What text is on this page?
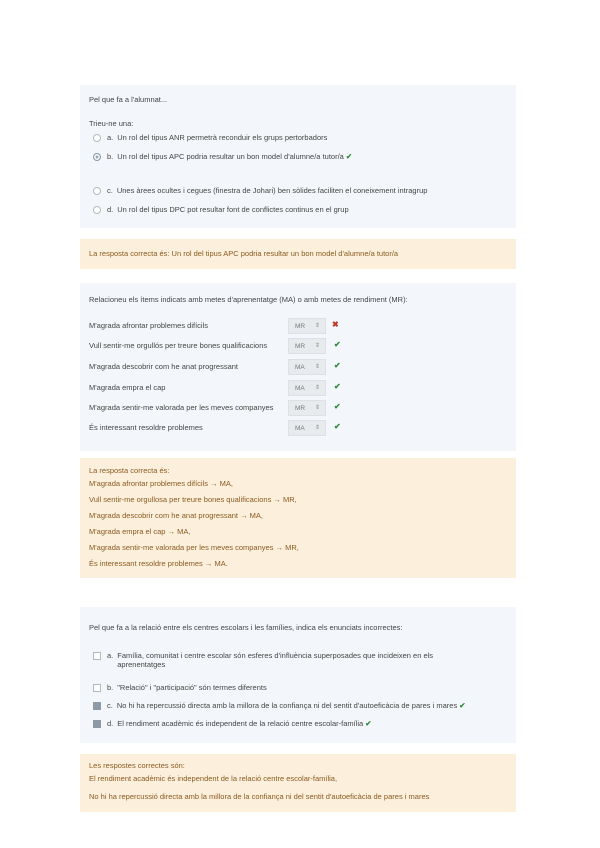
Pel que fa a l'alumnat...
Trieu-ne una:
a. Un rol del tipus ANR permetrà reconduir els grups pertorbadors
b. Un rol del tipus APC podria resultar un bon model d'alumne/a tutor/a ✔
c. Unes àrees ocultes i cegues (finestra de Johari) ben sòlides faciliten el coneixement intragrup
d. Un rol del tipus DPC pot resultar font de conflictes continus en el grup
La resposta correcta és: Un rol del tipus APC podria resultar un bon model d'alumne/a tutor/a
Relacioneu els ítems indicats amb metes d'aprenentatge (MA) o amb metes de rendiment (MR):
M'agrada afrontar problemes difícils	MR ⇕ ✖
Vull sentir-me orgullós per treure bones qualificacions	MR ⇕ ✔
M'agrada descobrir com he anat progressant	MA ⇕ ✔
M'agrada empra el cap	MA ⇕ ✔
M'agrada sentir-me valorada per les meves companyes	MR ⇕ ✔
És interessant resoldre problemes	MA ⇕ ✔
La resposta correcta és:
M'agrada afrontar problemes difícils → MA,
Vull sentir-me orgullosa per treure bones qualificacions → MR,
M'agrada descobrir com he anat progressant → MA,
M'agrada empra el cap → MA,
M'agrada sentir-me valorada per les meves companyes → MR,
És interessant resoldre problemes → MA.
Pel que fa a la relació entre els centres escolars i les famílies, indica els enunciats incorrectes:
a. Família, comunitat i centre escolar són esferes d'influència superposades que incideixen en els
aprenentatges
b. "Relació" i "participació" són termes diferents
c. No hi ha repercussió directa amb la millora de la confiança ni del sentit d'autoeficàcia de pares i mares ✔
d. El rendiment acadèmic és independent de la relació centre escolar-família ✔
Les respostes correctes són:
El rendiment acadèmic és independent de la relació centre escolar-família,
No hi ha repercussió directa amb la millora de la confiança ni del sentit d'autoeficàcia de pares i mares
